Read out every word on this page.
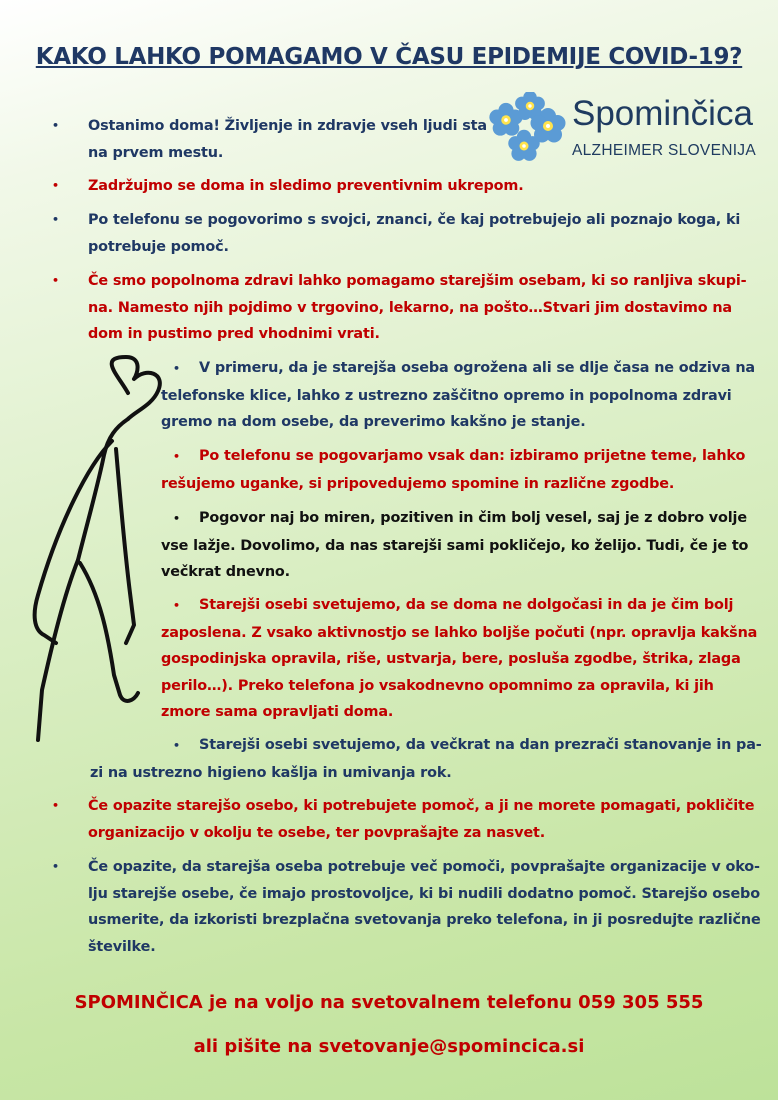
KAKO LAHKO POMAGAMO V ČASU EPIDEMIJE COVID-19?
Spominčica
ALZHEIMER SLOVENIJA
• Ostanimo doma! Življenje in zdravje vseh ljudi sta
na prvem mestu.
• Zadržujmo se doma in sledimo preventivnim ukrepom.
• Po telefonu se pogovorimo s svojci, znanci, če kaj potrebujejo ali poznajo koga, ki
potrebuje pomoč.
• Če smo popolnoma zdravi lahko pomagamo starejšim osebam, ki so ranljiva skupi-
na. Namesto njih pojdimo v trgovino, lekarno, na pošto…Stvari jim dostavimo na
dom in pustimo pred vhodnimi vrati.
• V primeru, da je starejša oseba ogrožena ali se dlje časa ne odziva na
telefonske klice, lahko z ustrezno zaščitno opremo in popolnoma zdravi
gremo na dom osebe, da preverimo kakšno je stanje.
• Po telefonu se pogovarjamo vsak dan: izbiramo prijetne teme, lahko
rešujemo uganke, si pripovedujemo spomine in različne zgodbe.
• Pogovor naj bo miren, pozitiven in čim bolj vesel, saj je z dobro volje
vse lažje. Dovolimo, da nas starejši sami pokličejo, ko želijo. Tudi, če je to
večkrat dnevno.
• Starejši osebi svetujemo, da se doma ne dolgočasi in da je čim bolj
zaposlena. Z vsako aktivnostjo se lahko boljše počuti (npr. opravlja kakšna
gospodinjska opravila, riše, ustvarja, bere, posluša zgodbe, štrika, zlaga
perilo…). Preko telefona jo vsakodnevno opomnimo za opravila, ki jih
zmore sama opravljati doma.
• Starejši osebi svetujemo, da večkrat na dan prezrači stanovanje in pa-
zi na ustrezno higieno kašlja in umivanja rok.
• Če opazite starejšo osebo, ki potrebujete pomoč, a ji ne morete pomagati, pokličite
organizacijo v okolju te osebe, ter povprašajte za nasvet.
• Če opazite, da starejša oseba potrebuje več pomoči, povprašajte organizacije v oko-
lju starejše osebe, če imajo prostovoljce, ki bi nudili dodatno pomoč. Starejšo osebo
usmerite, da izkoristi brezplačna svetovanja preko telefona, in ji posredujte različne
številke.
SPOMINČICA je na voljo na svetovalnem telefonu 059 305 555
ali pišite na svetovanje@spomincica.si
